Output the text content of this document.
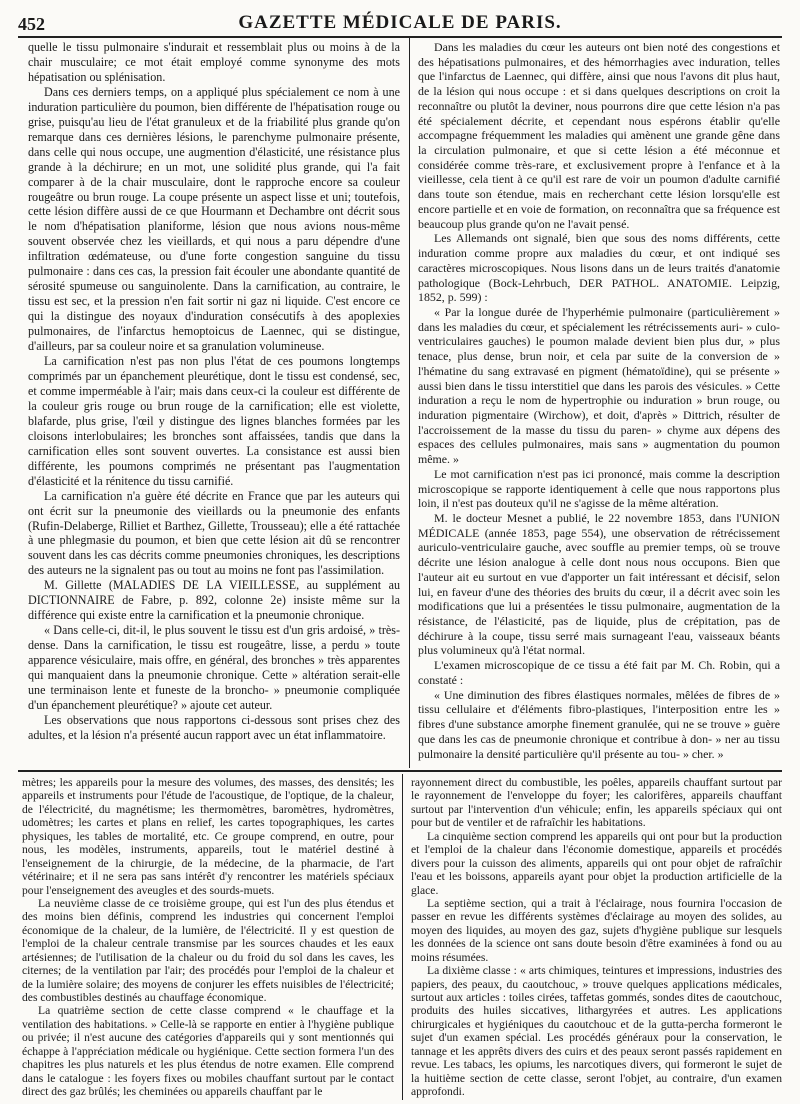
452	GAZETTE MÉDICALE DE PARIS.

quelle le tissu pulmonaire s'indurait et ressemblait plus ou moins à de la chair musculaire; ce mot était employé comme synonyme des mots hépatisation ou splénisation.

Dans ces derniers temps, on a appliqué plus spécialement ce nom à une induration particulière du poumon, bien différente de l'hépatisation rouge ou grise, puisqu'au lieu de l'état granuleux et de la friabilité plus grande qu'on remarque dans ces dernières lésions, le parenchyme pulmonaire présente, dans celle qui nous occupe, une augmention d'élasticité, une résistance plus grande à la déchirure; en un mot, une solidité plus grande, qui l'a fait comparer à de la chair musculaire, dont le rapproche encore sa couleur rougeâtre ou brun rouge. La coupe présente un aspect lisse et uni; toutefois, cette lésion diffère aussi de ce que Hourmann et Dechambre ont décrit sous le nom d'hépatisation planiforme, lésion que nous avions nous-même souvent observée chez les vieillards, et qui nous a paru dépendre d'une infiltration œdémateuse, ou d'une forte congestion sanguine du tissu pulmonaire : dans ces cas, la pression fait écouler une abondante quantité de sérosité spumeuse ou sanguinolente. Dans la carnification, au contraire, le tissu est sec, et la pression n'en fait sortir ni gaz ni liquide. C'est encore ce qui la distingue des noyaux d'induration consécutifs à des apoplexies pulmonaires, de l'infarctus hemoptoicus de Laennec, qui se distingue, d'ailleurs, par sa couleur noire et sa granulation volumineuse.

La carnification n'est pas non plus l'état de ces poumons longtemps comprimés par un épanchement pleurétique, dont le tissu est condensé, sec, et comme imperméable à l'air; mais dans ceux-ci la couleur est différente de la couleur gris rouge ou brun rouge de la carnification; elle est violette, blafarde, plus grise, l'œil y distingue des lignes blanches formées par les cloisons interlobulaires; les bronches sont affaissées, tandis que dans la carnification elles sont souvent ouvertes. La consistance est aussi bien différente, les poumons comprimés ne présentant pas l'augmentation d'élasticité et la rénitence du tissu carnifié.

La carnification n'a guère été décrite en France que par les auteurs qui ont écrit sur la pneumonie des vieillards ou la pneumonie des enfants (Rufin-Delaberge, Rilliet et Barthez, Gillette, Trousseau); elle a été rattachée à une phlegmasie du poumon, et bien que cette lésion ait dû se rencontrer souvent dans les cas décrits comme pneumonies chroniques, les descriptions des auteurs ne la signalent pas ou tout au moins ne font pas l'assimilation.

M. Gillette (MALADIES DE LA VIEILLESSE, au supplément au DICTIONNAIRE de Fabre, p. 892, colonne 2e) insiste même sur la différence qui existe entre la carnification et la pneumonie chronique.

« Dans celle-ci, dit-il, le plus souvent le tissu est d'un gris ardoisé, » très-dense. Dans la carnification, le tissu est rougeâtre, lisse, a perdu » toute apparence vésiculaire, mais offre, en général, des bronches » très apparentes qui manquaient dans la pneumonie chronique. Cette » altération serait-elle une terminaison lente et funeste de la broncho- » pneumonie compliquée d'un épanchement pleurétique? » ajoute cet auteur.

Les observations que nous rapportons ci-dessous sont prises chez des adultes, et la lésion n'a présenté aucun rapport avec un état inflammatoire.

Dans les maladies du cœur les auteurs ont bien noté des congestions et des hépatisations pulmonaires, et des hémorrhagies avec induration, telles que l'infarctus de Laennec, qui diffère, ainsi que nous l'avons dit plus haut, de la lésion qui nous occupe : et si dans quelques descriptions on croit la reconnaître ou plutôt la deviner, nous pourrons dire que cette lésion n'a pas été spécialement décrite, et cependant nous espérons établir qu'elle accompagne fréquemment les maladies qui amènent une grande gêne dans la circulation pulmonaire, et que si cette lésion a été méconnue et considérée comme très-rare, et exclusivement propre à l'enfance et à la vieillesse, cela tient à ce qu'il est rare de voir un poumon d'adulte carnifié dans toute son étendue, mais en recherchant cette lésion lorsqu'elle est encore partielle et en voie de formation, on reconnaîtra que sa fréquence est beaucoup plus grande qu'on ne l'avait pensé.

Les Allemands ont signalé, bien que sous des noms différents, cette induration comme propre aux maladies du cœur, et ont indiqué ses caractères microscopiques. Nous lisons dans un de leurs traités d'anatomie pathologique (Bock-Lehrbuch, DER PATHOL. ANATOMIE. Leipzig, 1852, p. 599) :

« Par la longue durée de l'hyperhémie pulmonaire (particulièrement » dans les maladies du cœur, et spécialement les rétrécissements auri- » culo-ventriculaires gauches) le poumon malade devient bien plus dur, » plus tenace, plus dense, brun noir, et cela par suite de la conversion de » l'hématine du sang extravasé en pigment (hématoïdine), qui se présente » aussi bien dans le tissu interstitiel que dans les parois des vésicules. » Cette induration a reçu le nom de hypertrophie ou induration » brun rouge, ou induration pigmentaire (Wirchow), et doit, d'après » Dittrich, résulter de l'accroissement de la masse du tissu du paren- » chyme aux dépens des espaces des cellules pulmonaires, mais sans » augmentation du poumon même. »

Le mot carnification n'est pas ici prononcé, mais comme la description microscopique se rapporte identiquement à celle que nous rapportons plus loin, il n'est pas douteux qu'il ne s'agisse de la même altération.

M. le docteur Mesnet a publié, le 22 novembre 1853, dans l'UNION MÉDICALE (année 1853, page 554), une observation de rétrécissement auriculo-ventriculaire gauche, avec souffle au premier temps, où se trouve décrite une lésion analogue à celle dont nous nous occupons. Bien que l'auteur ait eu surtout en vue d'apporter un fait intéressant et décisif, selon lui, en faveur d'une des théories des bruits du cœur, il a décrit avec soin les modifications que lui a présentées le tissu pulmonaire, augmentation de la résistance, de l'élasticité, pas de liquide, plus de crépitation, pas de déchirure à la coupe, tissu serré mais surnageant l'eau, vaisseaux béants plus volumineux qu'à l'état normal.

L'examen microscopique de ce tissu a été fait par M. Ch. Robin, qui a constaté :

« Une diminution des fibres élastiques normales, mêlées de fibres de » tissu cellulaire et d'éléments fibro-plastiques, l'interposition entre les » fibres d'une substance amorphe finement granulée, qui ne se trouve » guère que dans les cas de pneumonie chronique et contribue à don- » ner au tissu pulmonaire la densité particulière qu'il présente au tou- » cher. »

mètres; les appareils pour la mesure des volumes, des masses, des densités; les appareils et instruments pour l'étude de l'acoustique, de l'optique, de la chaleur, de l'électricité, du magnétisme; les thermomètres, baromètres, hydromètres, udomètres; les cartes et plans en relief, les cartes topographiques, les cartes physiques, les tables de mortalité, etc. Ce groupe comprend, en outre, pour nous, les modèles, instruments, appareils, tout le matériel destiné à l'enseignement de la chirurgie, de la médecine, de la pharmacie, de l'art vétérinaire; et il ne sera pas sans intérêt d'y rencontrer les matériels spéciaux pour l'enseignement des aveugles et des sourds-muets.

La neuvième classe de ce troisième groupe, qui est l'un des plus étendus et des moins bien définis, comprend les industries qui concernent l'emploi économique de la chaleur, de la lumière, de l'électricité. Il y est question de l'emploi de la chaleur centrale transmise par les sources chaudes et les eaux artésiennes; de l'utilisation de la chaleur ou du froid du sol dans les caves, les citernes; de la ventilation par l'air; des procédés pour l'emploi de la chaleur et de la lumière solaire; des moyens de conjurer les effets nuisibles de l'électricité; des combustibles destinés au chauffage économique.

La quatrième section de cette classe comprend « le chauffage et la ventilation des habitations. » Celle-là se rapporte en entier à l'hygiène publique ou privée; il n'est aucune des catégories d'appareils qui y sont mentionnés qui échappe à l'appréciation médicale ou hygiénique. Cette section formera l'un des chapitres les plus naturels et les plus étendus de notre examen. Elle comprend dans le catalogue : les foyers fixes ou mobiles chauffant surtout par le contact direct des gaz brûlés; les cheminées ou appareils chauffant par le

rayonnement direct du combustible, les poêles, appareils chauffant surtout par le rayonnement de l'enveloppe du foyer; les calorifères, appareils chauffant surtout par l'intervention d'un véhicule; enfin, les appareils spéciaux qui ont pour but de ventiler et de rafraîchir les habitations.

La cinquième section comprend les appareils qui ont pour but la production et l'emploi de la chaleur dans l'économie domestique, appareils et procédés divers pour la cuisson des aliments, appareils qui ont pour objet de rafraîchir l'eau et les boissons, appareils ayant pour objet la production artificielle de la glace.

La septième section, qui a trait à l'éclairage, nous fournira l'occasion de passer en revue les différents systèmes d'éclairage au moyen des solides, au moyen des liquides, au moyen des gaz, sujets d'hygiène publique sur lesquels les données de la science ont sans doute besoin d'être examinées à fond ou au moins résumées.

La dixième classe : « arts chimiques, teintures et impressions, industries des papiers, des peaux, du caoutchouc, » trouve quelques applications médicales, surtout aux articles : toiles cirées, taffetas gommés, sondes dites de caoutchouc, produits des huiles siccatives, lithargyrées et autres. Les applications chirurgicales et hygiéniques du caoutchouc et de la gutta-percha formeront le sujet d'un examen spécial. Les procédés généraux pour la conservation, le tannage et les apprêts divers des cuirs et des peaux seront passés rapidement en revue. Les tabacs, les opiums, les narcotiques divers, qui formeront le sujet de la huitième section de cette classe, seront l'objet, au contraire, d'un examen approfondi.
